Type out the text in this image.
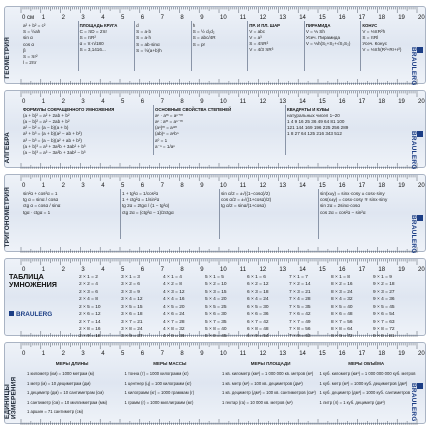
0 см 1	2	3	4	5	6	7	8	9	10 11 12 13 14 15 16 17 18 19 20
ГЕОМЕТРИЯ	BRAULERG
a² + b² = c²
S = ½ah
sin α
cos α
β
S = πr²
l = 2πr
ПЛОЩАДЬ КРУГА
C = πD = 2πr
S = πR²
α = π·n/180
S = 3,1416...
d
S = a·b
S = a·h
S = ab·sinα
S = ½(a+b)h
h
S = ½ d₁d₂
S = abc/4R
S = pr
ПР. И ПЛ. ШАР
V = abc
V = a³
S = 4πR²
V = 4/3 πR³
ПИРАМИДА
V = ⅓ Sh
Усеч. Пирамида
V = ⅓h(S₁+S₂+√S₁S₂)
КОНУС
V = ⅓πR²h
S = πRl
Усеч. Конус
V = ⅓πh(R²+Rr+r²)
0	1	2	3	4	5	6	7	8	9	10 11 12 13 14 15 16 17 18 19 20
АЛГЕБРА	BRAULERG
ФОРМУЛЫ СОКРАЩЕННОГО УМНОЖЕНИЯ
(a + b)² = a² + 2ab + b²
(a − b)² = a² − 2ab + b²
a² − b² = (a − b)(a + b)
a³ + b³ = (a + b)(a² − ab + b²)
a³ − b³ = (a − b)(a² + ab + b²)
(a + b)³ = a³ + 3a²b + 3ab² + b³
(a − b)³ = a³ − 3a²b + 3ab² − b³
ОСНОВНЫЕ СВОЙСТВА СТЕПЕНЕЙ
aⁿ · aᵐ = aⁿ⁺ᵐ
aⁿ : aᵐ = aⁿ⁻ᵐ
(aⁿ)ᵐ = aⁿᵐ
(ab)ⁿ = aⁿbⁿ
a⁰ = 1
a⁻ⁿ = 1/aⁿ
КВАДРАТЫ И КУБЫ
натуральных чисел 1–20
1 4 9 16 25 36 49 64 81 100
121 144 169 196 225 256 289
1 8 27 64 125 216 343 512
0	1	2	3	4	5	6	7	8	9	10 11 12 13 14 15 16 17 18 19 20
ТРИГОНОМЕТРИЯ	BRAULERG
sin²α + cos²α = 1
tg α = sinα / cosα
ctg α = cosα / sinα
tgα · ctgα = 1
1 + tg²α = 1/cos²α
1 + ctg²α = 1/sin²α
tg 2α = 2tgα / (1 − tg²α)
ctg 2α = (ctg²α − 1)/2ctgα
sin α/2 = ±√((1−cosα)/2)
cos α/2 = ±√((1+cosα)/2)
tg α/2 = sinα/(1+cosα)
sin(x±y) = sinx·cosy ± cosx·siny
cos(x±y) = cosx·cosy ∓ sinx·siny
sin 2α = 2sinα·cosα
cos 2α = cos²α − sin²α
0	1	2	3	4	5	6	7	8	9	10 11 12 13 14 15 16 17 18 19 20
ТАБЛИЦА
УМНОЖЕНИЯ
BRAULERG
2 × 1 = 2
2 × 2 = 4
2 × 3 = 6
2 × 4 = 8
2 × 5 = 10
2 × 6 = 12
2 × 7 = 14
2 × 8 = 16
2 × 9 = 18
3 × 1 = 3
3 × 2 = 6
3 × 3 = 9
3 × 4 = 12
3 × 5 = 15
3 × 6 = 18
3 × 7 = 21
3 × 8 = 24
3 × 9 = 27
4 × 1 = 4
4 × 2 = 8
4 × 3 = 12
4 × 4 = 16
4 × 5 = 20
4 × 6 = 24
4 × 7 = 28
4 × 8 = 32
4 × 9 = 36
5 × 1 = 5
5 × 2 = 10
5 × 3 = 15
5 × 4 = 20
5 × 5 = 25
5 × 6 = 30
5 × 7 = 35
5 × 8 = 40
5 × 9 = 45
6 × 1 = 6
6 × 2 = 12
6 × 3 = 18
6 × 4 = 24
6 × 5 = 30
6 × 6 = 36
6 × 7 = 42
6 × 8 = 48
6 × 9 = 54
7 × 1 = 7
7 × 2 = 14
7 × 3 = 21
7 × 4 = 28
7 × 5 = 35
7 × 6 = 42
7 × 7 = 49
7 × 8 = 56
7 × 9 = 63
8 × 1 = 8
8 × 2 = 16
8 × 3 = 24
8 × 4 = 32
8 × 5 = 40
8 × 6 = 48
8 × 7 = 56
8 × 8 = 64
8 × 9 = 72
9 × 1 = 9
9 × 2 = 18
9 × 3 = 27
9 × 4 = 36
9 × 5 = 45
9 × 6 = 54
9 × 7 = 63
9 × 8 = 72
9 × 9 = 81
0	1	2	3	4	5	6	7	8	9	10 11 12 13 14 15 16 17 18 19 20
ЕДИНИЦЫ ИЗМЕРЕНИЯ	BRAULERG
МЕРЫ ДЛИНЫ
1 километр (км) = 1000 метрам (м)
1 метр (м) = 10 дециметрам (дм)
1 дециметр (дм) = 10 сантиметрам (см)
1 сантиметр (см) = 10 миллиметрам (мм)
1 аршин = 71 сантиметр (см)
МЕРЫ МАССЫ
1 тонна (т) = 1000 килограмм (кг)
1 центнер (ц) = 100 килограмм (кг)
1 килограмм (кг) = 1000 граммам (г)
1 грамм (г) = 1000 миллиграмм (мг)
МЕРЫ ПЛОЩАДИ
1 кв. километр (км²) = 1 000 000 кв. метров (м²)
1 кв. метр (м²) = 100 кв. дециметров (дм²)
1 кв. дециметр (дм²) = 100 кв. сантиметров (см²)
1 гектар (га) = 10 000 кв. метров (м²)
МЕРЫ ОБЪЁМА
1 куб. километр (км³) = 1 000 000 000 куб. метров
1 куб. метр (м³) = 1000 куб. дециметров (дм³)
1 куб. дециметр (дм³) = 1000 куб. сантиметров
1 литр (л) = 1 куб. дециметр (дм³)
